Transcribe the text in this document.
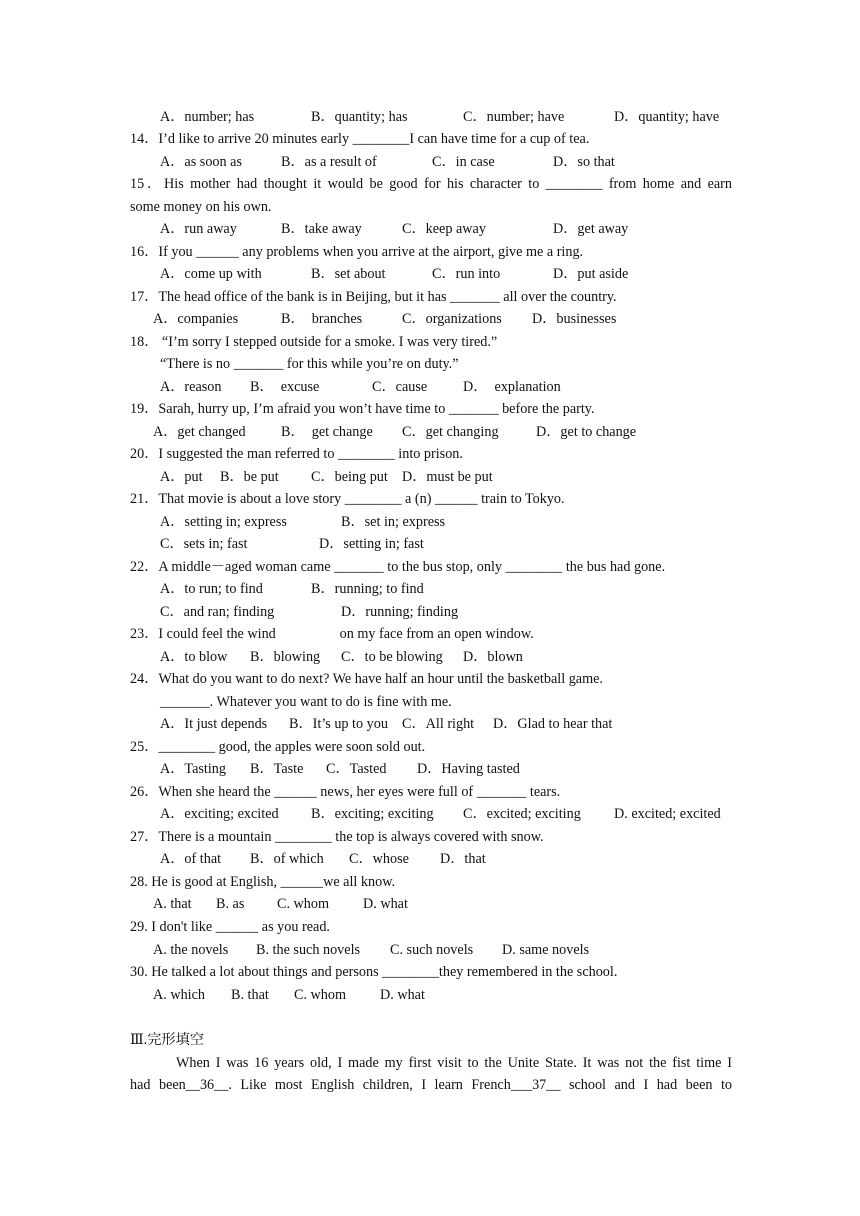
A．number; has	B．quantity; has	C．number; have	D．quantity; have
14．I’d like to arrive 20 minutes early ________I can have time for a cup of tea.
A．as soon as	B．as a result of	C．in case	D．so that
15．His mother had thought it would be good for his character to ________ from home and earn
some money on his own.
A．run away	B．take away	C．keep away	D．get away
16．If you ______ any problems when you arrive at the airport, give me a ring.
A．come up with	B．set about	C．run into	D．put aside
17．The head office of the bank is in Beijing, but it has _______ all over the country.
A．companies	B．  branches	C．organizations D．businesses
18． “I’m sorry I stepped outside for a smoke. I was very tired.”
“There is no _______ for this while you’re on duty.”
A．reason B．  excuse	C．cause	D．  explanation
19．Sarah, hurry up, I’m afraid you won’t have time to _______ before the party.
A．get changed B．  get change C．get changing	D．get to change
20．I suggested the man referred to ________ into prison.
A．put B．be put C．being put D．must be put
21．That movie is about a love story ________ a (n) ______ train to Tokyo.
A．setting in; express	B．set in; express
C．sets in; fast	D．setting in; fast
22．A middle－aged woman came _______ to the bus stop, only ________ the bus had gone.
A．to run; to find	B．running; to find
C．and ran; finding	D．running; finding
23．I could feel the wind                  on my face from an open window.
A．to blow B．blowing C．to be blowing D．blown
24．What do you want to do next? We have half an hour until the basketball game.
_______. Whatever you want to do is fine with me.
A．It just depends B．It’s up to you C．All right D．Glad to hear that
25．________ good, the apples were soon sold out.
A．Tasting B．Taste C．Tasted D．Having tasted
26．When she heard the ______ news, her eyes were full of _______ tears.
A．exciting; excited B．exciting; exciting C．excited; exciting D. excited; excited
27．There is a mountain ________ the top is always covered with snow.
A．of that B．of which C．whose D．that
28. He is good at English, ______we all know.
A. that B. as C. whom D. what
29. I don't like ______ as you read.
A. the novels B. the such novels C. such novels D. same novels
30. He talked a lot about things and persons ________they remembered in the school.
A. which B. that C. whom D. what
Ⅲ.完形填空
When I was 16 years old, I made my first visit to the Unite State. It was not the fist time I
had been__36__. Like most English children, I learn French___37__ school and I had been to
